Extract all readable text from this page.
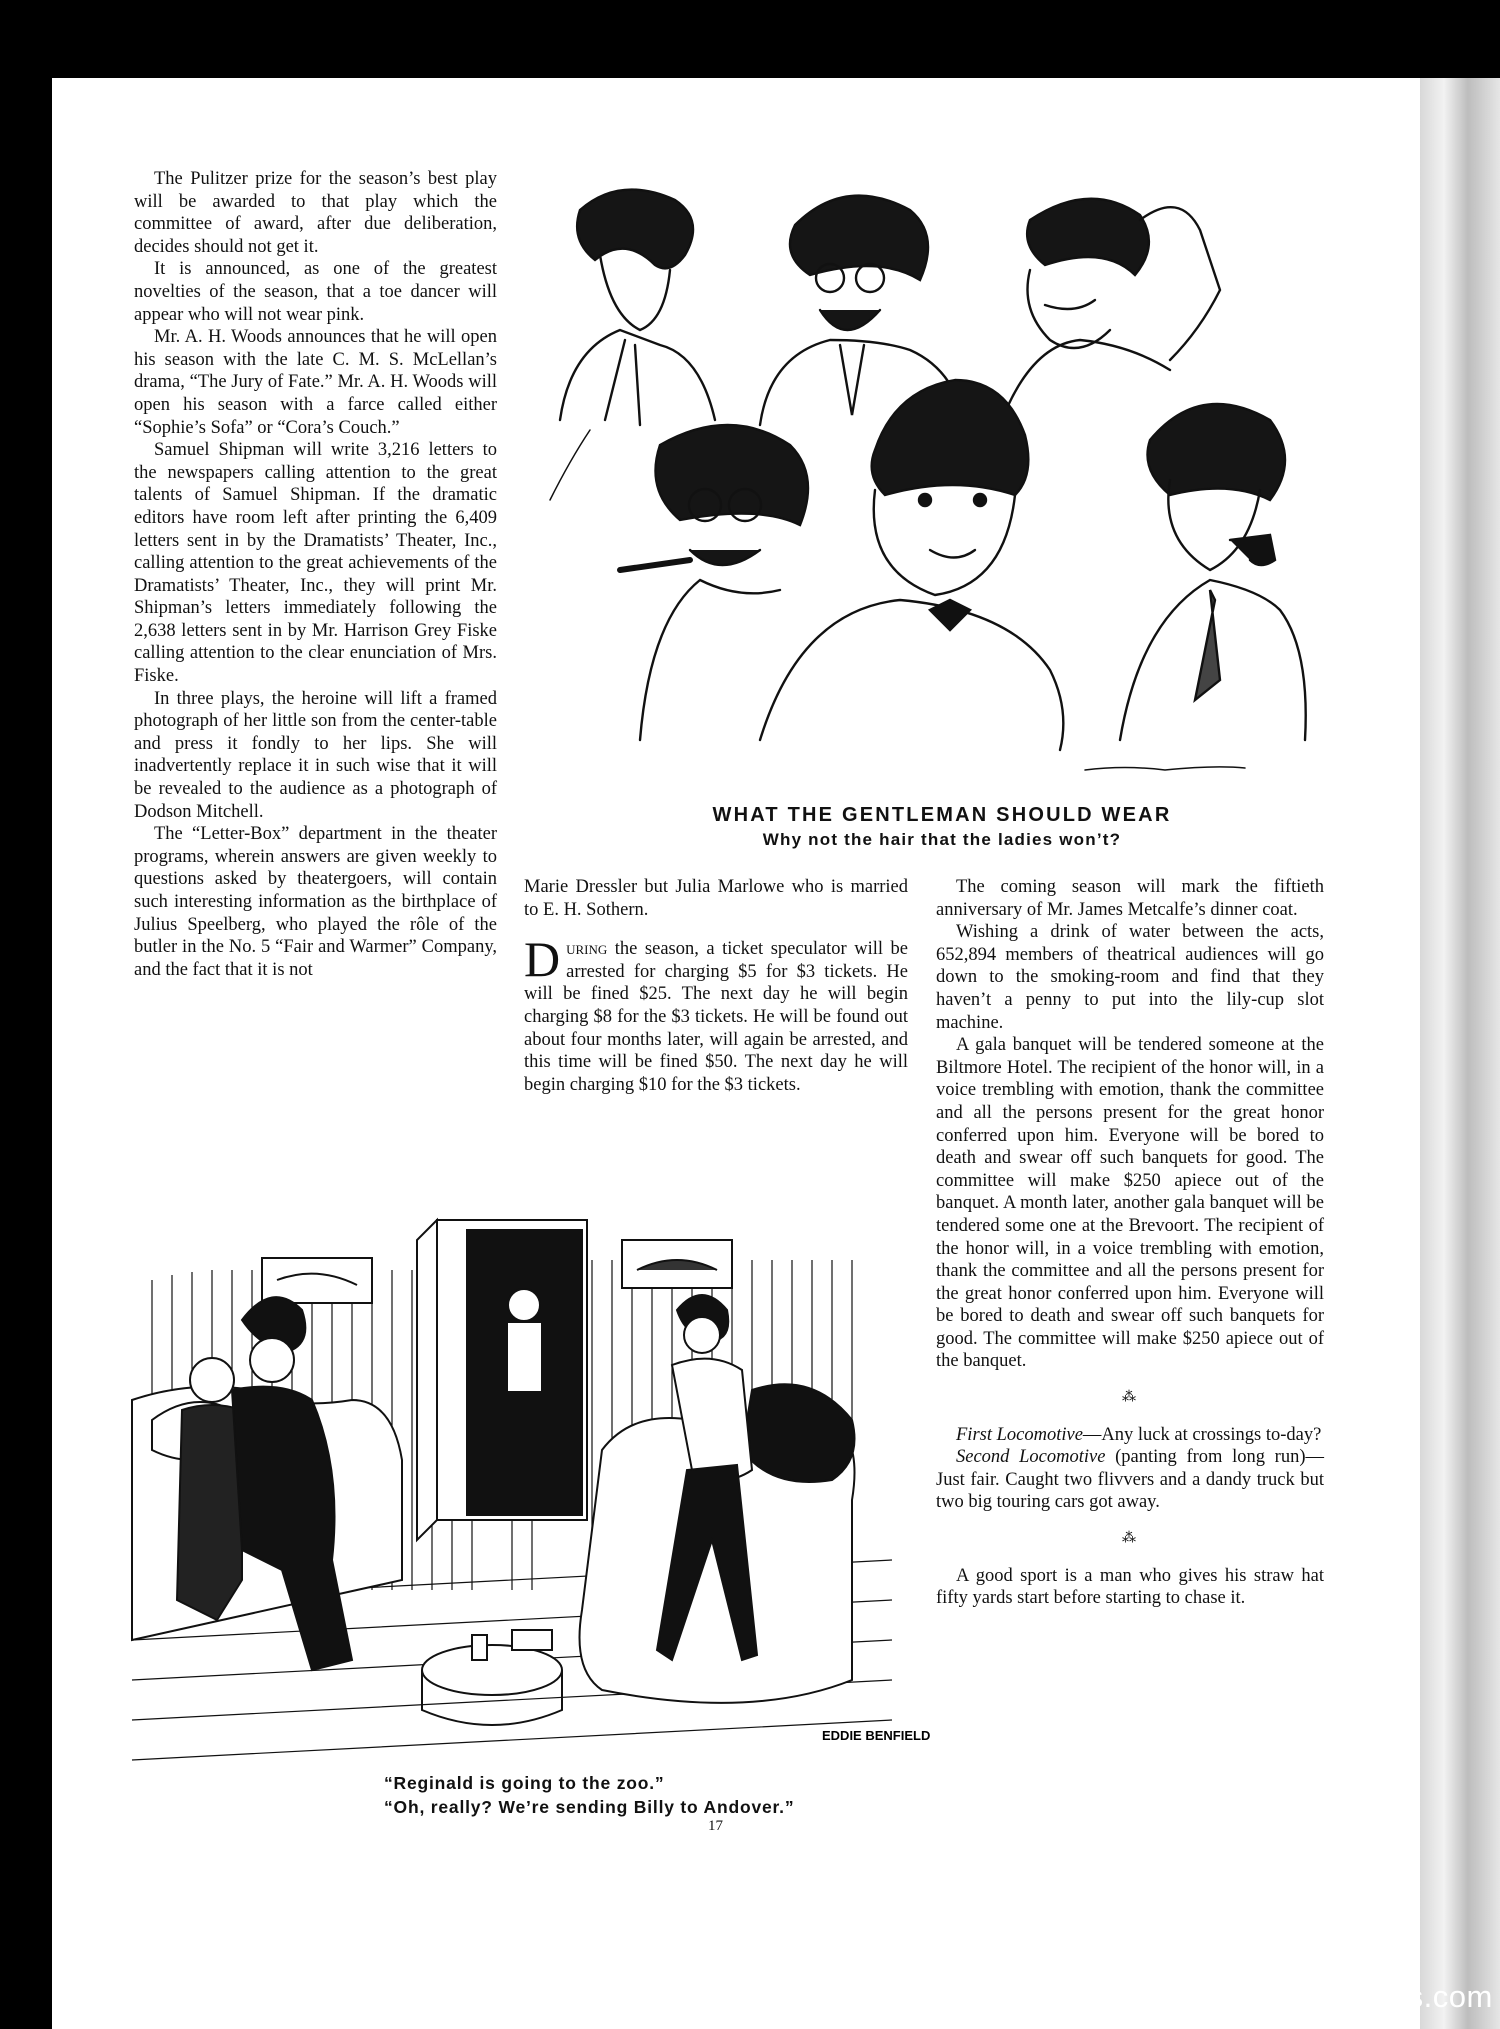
The Pulitzer prize for the season’s best play will be awarded to that play which the committee of award, after due deliberation, decides should not get it.

It is announced, as one of the greatest novelties of the season, that a toe dancer will appear who will not wear pink.

Mr. A. H. Woods announces that he will open his season with the late C. M. S. McLellan’s drama, “The Jury of Fate.” Mr. A. H. Woods will open his season with a farce called either “Sophie’s Sofa” or “Cora’s Couch.”

Samuel Shipman will write 3,216 letters to the newspapers calling attention to the great talents of Samuel Shipman. If the dramatic editors have room left after printing the 6,409 letters sent in by the Dramatists’ Theater, Inc., calling attention to the great achievements of the Dramatists’ Theater, Inc., they will print Mr. Shipman’s letters immediately following the 2,638 letters sent in by Mr. Harrison Grey Fiske calling attention to the clear enunciation of Mrs. Fiske.

In three plays, the heroine will lift a framed photograph of her little son from the center-table and press it fondly to her lips. She will inadvertently replace it in such wise that it will be revealed to the audience as a photograph of Dodson Mitchell.

The “Letter-Box” department in the theater programs, wherein answers are given weekly to questions asked by theatergoers, will contain such interesting information as the birthplace of Julius Speelberg, who played the rôle of the butler in the No. 5 “Fair and Warmer” Company, and the fact that it is not

WHAT THE GENTLEMAN SHOULD WEAR
Why not the hair that the ladies won’t?

Marie Dressler but Julia Marlowe who is married to E. H. Sothern.

During the season, a ticket speculator will be arrested for charging $5 for $3 tickets. He will be fined $25. The next day he will begin charging $8 for the $3 tickets. He will be found out about four months later, will again be arrested, and this time will be fined $50. The next day he will begin charging $10 for the $3 tickets.

The coming season will mark the fiftieth anniversary of Mr. James Metcalfe’s dinner coat.

Wishing a drink of water between the acts, 652,894 members of theatrical audiences will go down to the smoking-room and find that they haven’t a penny to put into the lily-cup slot machine.

A gala banquet will be tendered someone at the Biltmore Hotel. The recipient of the honor will, in a voice trembling with emotion, thank the committee and all the persons present for the great honor conferred upon him. Everyone will be bored to death and swear off such banquets for good. The committee will make $250 apiece out of the banquet. A month later, another gala banquet will be tendered some one at the Brevoort. The recipient of the honor will, in a voice trembling with emotion, thank the committee and all the persons present for the great honor conferred upon him. Everyone will be bored to death and swear off such banquets for good. The committee will make $250 apiece out of the banquet.

⁂

First Locomotive—Any luck at crossings to-day?

Second Locomotive (panting from long run)—Just fair. Caught two flivvers and a dandy truck but two big touring cars got away.

⁂

A good sport is a man who gives his straw hat fifty yards start before starting to chase it.

EDDIE BENFIELD
“Reginald is going to the zoo.”
“Oh, really? We’re sending Billy to Andover.”
17
comicbooks.com
